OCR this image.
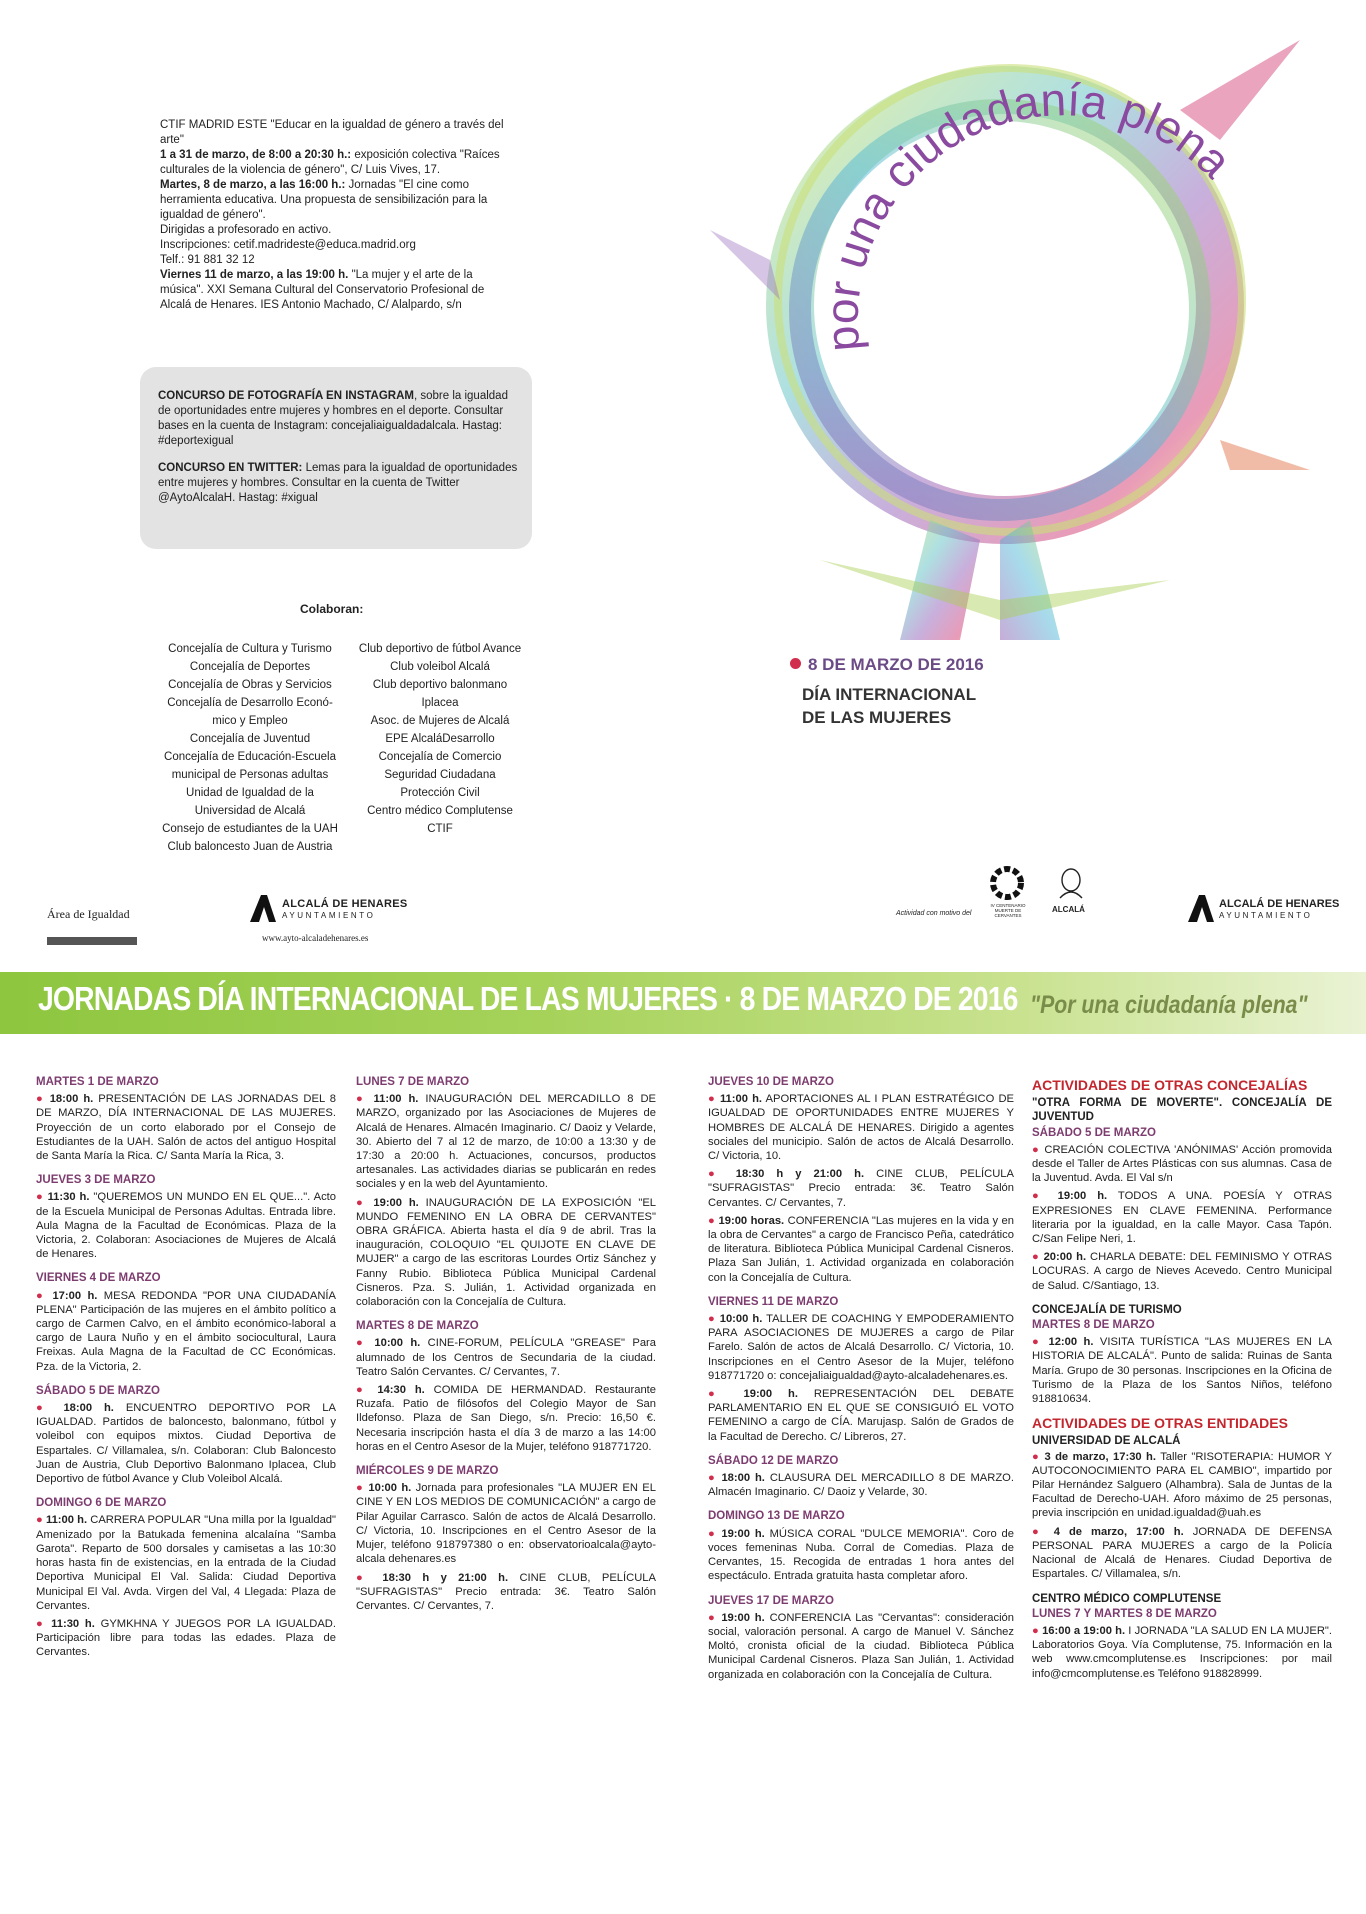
CTIF MADRID ESTE "Educar en la igualdad de género a través del arte"

1 a 31 de marzo, de 8:00 a 20:30 h.: exposición colectiva "Raíces culturales de la violencia de género", C/ Luis Vives, 17.

Martes, 8 de marzo, a las 16:00 h.: Jornadas "El cine como herramienta educativa. Una propuesta de sensibilización para la igualdad de género".

Dirigidas a profesorado en activo.

Inscripciones: cetif.madrideste@educa.madrid.org

Telf.: 91 881 32 12

Viernes 11 de marzo, a las 19:00 h. "La mujer y el arte de la música". XXI Semana Cultural del Conservatorio Profesional de Alcalá de Henares. IES Antonio Machado, C/ Alalpardo, s/n

CONCURSO DE FOTOGRAFÍA EN INSTAGRAM, sobre la igualdad de oportunidades entre mujeres y hombres en el deporte. Consultar bases en la cuenta de Instagram: concejaliaigualdadalcala. Hastag: #deportexigual

CONCURSO EN TWITTER: Lemas para la igualdad de oportunidades entre mujeres y hombres. Consultar en la cuenta de Twitter @AytoAlcalaH. Hastag: #xigual

Colaboran:
Concejalía de Cultura y Turismo
Concejalía de Deportes
Concejalía de Obras y Servicios
Concejalía de Desarrollo Econó-
mico y Empleo
Concejalía de Juventud
Concejalía de Educación-Escuela
municipal de Personas adultas
Unidad de Igualdad de la
Universidad de Alcalá
Consejo de estudiantes de la UAH
Club baloncesto Juan de Austria
Club deportivo de fútbol Avance
Club voleibol Alcalá
Club deportivo balonmano
Iplacea
Asoc. de Mujeres de Alcalá
EPE AlcaláDesarrollo
Concejalía de Comercio
Seguridad Ciudadana
Protección Civil
Centro médico Complutense
CTIF
Área de Igualdad
ALCALÁ DE HENARES
AYUNTAMIENTO
www.ayto-alcaladehenares.es
por una ciudadanía plena
8 DE MARZO DE 2016
DÍA INTERNACIONAL
DE LAS MUJERES
Actividad con motivo del
IV CENTENARIO MUERTE DE CERVANTES
ALCALÁ	ALCALÁ DE HENARES
AYUNTAMIENTO
JORNADAS DÍA INTERNACIONAL DE LAS MUJERES · 8 DE MARZO DE 2016 "Por una ciudadanía plena"
MARTES 1 DE MARZO
● 18:00 h. PRESENTACIÓN DE LAS JORNADAS DEL 8 DE MARZO, DÍA INTERNACIONAL DE LAS MUJERES. Proyección de un corto elaborado por el Consejo de Estudiantes de la UAH. Salón de actos del antiguo Hospital de Santa María la Rica. C/ Santa María la Rica, 3.
JUEVES 3 DE MARZO
● 11:30 h. "QUEREMOS UN MUNDO EN EL QUE...". Acto de la Escuela Municipal de Personas Adultas. Entrada libre. Aula Magna de la Facultad de Económicas. Plaza de la Victoria, 2. Colaboran: Asociaciones de Mujeres de Alcalá de Henares.
VIERNES 4 DE MARZO
● 17:00 h. MESA REDONDA "POR UNA CIUDADANÍA PLENA" Participación de las mujeres en el ámbito político a cargo de Carmen Calvo, en el ámbito económico-laboral a cargo de Laura Nuño y en el ámbito sociocultural, Laura Freixas. Aula Magna de la Facultad de CC Económicas. Pza. de la Victoria, 2.
SÁBADO 5 DE MARZO
● 18:00 h. ENCUENTRO DEPORTIVO POR LA IGUALDAD. Partidos de baloncesto, balonmano, fútbol y voleibol con equipos mixtos. Ciudad Deportiva de Espartales. C/ Villamalea, s/n. Colaboran: Club Baloncesto Juan de Austria, Club Deportivo Balonmano Iplacea, Club Deportivo de fútbol Avance y Club Voleibol Alcalá.
DOMINGO 6 DE MARZO
● 11:00 h. CARRERA POPULAR "Una milla por la Igualdad" Amenizado por la Batukada femenina alcalaína "Samba Garota". Reparto de 500 dorsales y camisetas a las 10:30 horas hasta fin de existencias, en la entrada de la Ciudad Deportiva Municipal El Val. Salida: Ciudad Deportiva Municipal El Val. Avda. Virgen del Val, 4 Llegada: Plaza de Cervantes.
● 11:30 h. GYMKHNA Y JUEGOS POR LA IGUALDAD. Participación libre para todas las edades. Plaza de Cervantes.
LUNES 7 DE MARZO
● 11:00 h. INAUGURACIÓN DEL MERCADILLO 8 DE MARZO, organizado por las Asociaciones de Mujeres de Alcalá de Henares. Almacén Imaginario. C/ Daoiz y Velarde, 30. Abierto del 7 al 12 de marzo, de 10:00 a 13:30 y de 17:30 a 20:00 h. Actuaciones, concursos, productos artesanales. Las actividades diarias se publicarán en redes sociales y en la web del Ayuntamiento.
● 19:00 h. INAUGURACIÓN DE LA EXPOSICIÓN "EL MUNDO FEMENINO EN LA OBRA DE CERVANTES" OBRA GRÁFICA. Abierta hasta el día 9 de abril. Tras la inauguración, COLOQUIO "EL QUIJOTE EN CLAVE DE MUJER" a cargo de las escritoras Lourdes Ortiz Sánchez y Fanny Rubio. Biblioteca Pública Municipal Cardenal Cisneros. Pza. S. Julián, 1. Actividad organizada en colaboración con la Concejalía de Cultura.
MARTES 8 DE MARZO
● 10:00 h. CINE-FORUM, PELÍCULA "GREASE" Para alumnado de los Centros de Secundaria de la ciudad. Teatro Salón Cervantes. C/ Cervantes, 7.
● 14:30 h. COMIDA DE HERMANDAD. Restaurante Ruzafa. Patio de filósofos del Colegio Mayor de San Ildefonso. Plaza de San Diego, s/n. Precio: 16,50 €. Necesaria inscripción hasta el día 3 de marzo a las 14:00 horas en el Centro Asesor de la Mujer, teléfono 918771720.
MIÉRCOLES 9 DE MARZO
● 10:00 h. Jornada para profesionales "LA MUJER EN EL CINE Y EN LOS MEDIOS DE COMUNICACIÓN" a cargo de Pilar Aguilar Carrasco. Salón de actos de Alcalá Desarrollo. C/ Victoria, 10. Inscripciones en el Centro Asesor de la Mujer, teléfono 918797380 o en: observatorioalcala@ayto-alcala dehenares.es
● 18:30 h y 21:00 h. CINE CLUB, PELÍCULA "SUFRAGISTAS" Precio entrada: 3€. Teatro Salón Cervantes. C/ Cervantes, 7.
JUEVES 10 DE MARZO
● 11:00 h. APORTACIONES AL I PLAN ESTRATÉGICO DE IGUALDAD DE OPORTUNIDADES ENTRE MUJERES Y HOMBRES DE ALCALÁ DE HENARES. Dirigido a agentes sociales del municipio. Salón de actos de Alcalá Desarrollo. C/ Victoria, 10.
● 18:30 h y 21:00 h. CINE CLUB, PELÍCULA "SUFRAGISTAS" Precio entrada: 3€. Teatro Salón Cervantes. C/ Cervantes, 7.
● 19:00 horas. CONFERENCIA "Las mujeres en la vida y en la obra de Cervantes" a cargo de Francisco Peña, catedrático de literatura. Biblioteca Pública Municipal Cardenal Cisneros. Plaza San Julián, 1. Actividad organizada en colaboración con la Concejalía de Cultura.
VIERNES 11 DE MARZO
● 10:00 h. TALLER DE COACHING Y EMPODERAMIENTO PARA ASOCIACIONES DE MUJERES a cargo de Pilar Farelo. Salón de actos de Alcalá Desarrollo. C/ Victoria, 10. Inscripciones en el Centro Asesor de la Mujer, teléfono 918771720 o: concejaliaigualdad@ayto-alcaladehenares.es.
● 19:00 h. REPRESENTACIÓN DEL DEBATE PARLAMENTARIO EN EL QUE SE CONSIGUIÓ EL VOTO FEMENINO a cargo de CÍA. Marujasp. Salón de Grados de la Facultad de Derecho. C/ Libreros, 27.
SÁBADO 12 DE MARZO
● 18:00 h. CLAUSURA DEL MERCADILLO 8 DE MARZO. Almacén Imaginario. C/ Daoiz y Velarde, 30.
DOMINGO 13 DE MARZO
● 19:00 h. MÚSICA CORAL "DULCE MEMORIA". Coro de voces femeninas Nuba. Corral de Comedias. Plaza de Cervantes, 15. Recogida de entradas 1 hora antes del espectáculo. Entrada gratuita hasta completar aforo.
JUEVES 17 DE MARZO
● 19:00 h. CONFERENCIA Las "Cervantas": consideración social, valoración personal. A cargo de Manuel V. Sánchez Moltó, cronista oficial de la ciudad. Biblioteca Pública Municipal Cardenal Cisneros. Plaza San Julián, 1. Actividad organizada en colaboración con la Concejalía de Cultura.
ACTIVIDADES DE OTRAS CONCEJALÍAS
"OTRA FORMA DE MOVERTE". CONCEJALÍA DE JUVENTUD
SÁBADO 5 DE MARZO
● CREACIÓN COLECTIVA 'ANÓNIMAS' Acción promovida desde el Taller de Artes Plásticas con sus alumnas. Casa de la Juventud. Avda. El Val s/n
● 19:00 h. TODOS A UNA. POESÍA Y OTRAS EXPRESIONES EN CLAVE FEMENINA. Performance literaria por la igualdad, en la calle Mayor. Casa Tapón. C/San Felipe Neri, 1.
● 20:00 h. CHARLA DEBATE: DEL FEMINISMO Y OTRAS LOCURAS. A cargo de Nieves Acevedo. Centro Municipal de Salud. C/Santiago, 13.
CONCEJALÍA DE TURISMO
MARTES 8 DE MARZO
● 12:00 h. VISITA TURÍSTICA "LAS MUJERES EN LA HISTORIA DE ALCALÁ". Punto de salida: Ruinas de Santa María. Grupo de 30 personas. Inscripciones en la Oficina de Turismo de la Plaza de los Santos Niños, teléfono 918810634.
ACTIVIDADES DE OTRAS ENTIDADES
UNIVERSIDAD DE ALCALÁ
● 3 de marzo, 17:30 h. Taller "RISOTERAPIA: HUMOR Y AUTOCONOCIMIENTO PARA EL CAMBIO", impartido por Pilar Hernández Salguero (Alhambra). Sala de Juntas de la Facultad de Derecho-UAH. Aforo máximo de 25 personas, previa inscripción en unidad.igualdad@uah.es
● 4 de marzo, 17:00 h. JORNADA DE DEFENSA PERSONAL PARA MUJERES a cargo de la Policía Nacional de Alcalá de Henares. Ciudad Deportiva de Espartales. C/ Villamalea, s/n.
CENTRO MÉDICO COMPLUTENSE
LUNES 7 Y MARTES 8 DE MARZO
● 16:00 a 19:00 h. I JORNADA "LA SALUD EN LA MUJER". Laboratorios Goya. Vía Complutense, 75. Información en la web www.cmcomplutense.es Inscripciones: por mail info@cmcomplutense.es Teléfono 918828999.
